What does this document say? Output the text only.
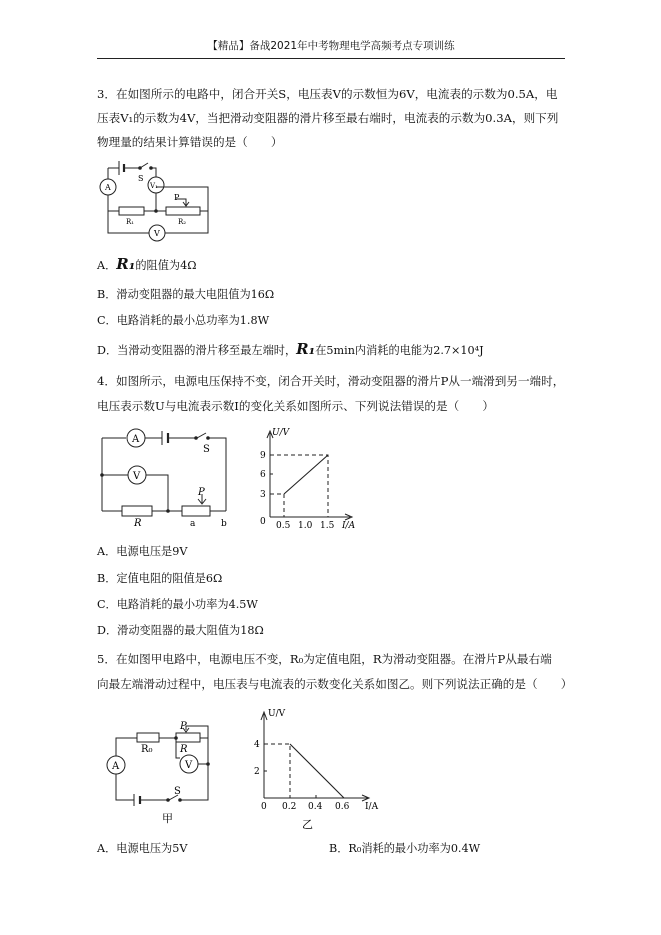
【精品】备战2021年中考物理电学高频考点专项训练
3．在如图所示的电路中，闭合开关S，电压表V的示数恒为6V，电流表的示数为0.5A，电
压表V₁的示数为4V，当把滑动变阻器的滑片移至最右端时，电流表的示数为0.3A，则下列
物理量的结果计算错误的是（　　）
A
S
V₁
P
R₁	R₂
V
A．R₁的阻值为4Ω
B．滑动变阻器的最大电阻值为16Ω
C．电路消耗的最小总功率为1.8W
D．当滑动变阻器的滑片移至最左端时，R₁在5min内消耗的电能为2.7×10⁴J
4．如图所示，电源电压保持不变，闭合开关时，滑动变阻器的滑片P从一端滑到另一端时，
电压表示数U与电流表示数I的变化关系如图所示、下列说法错误的是（　　）
A
S
V
P
R	a	b
U/V
9
6
3
0 0.5 1.0 1.5 I/A
A．电源电压是9V
B．定值电阻的阻值是6Ω
C．电路消耗的最小功率为4.5W
D．滑动变阻器的最大阻值为18Ω
5．在如图甲电路中，电源电压不变，R₀为定值电阻，R为滑动变阻器。在滑片P从最右端
向最左端滑动过程中，电压表与电流表的示数变化关系如图乙。则下列说法正确的是（　　）
A
R₀	R
P
V
S
甲
U/V
4
2
0 0.2 0.4 0.6 I/A
乙
A．电源电压为5V	B．R₀消耗的最小功率为0.4W
